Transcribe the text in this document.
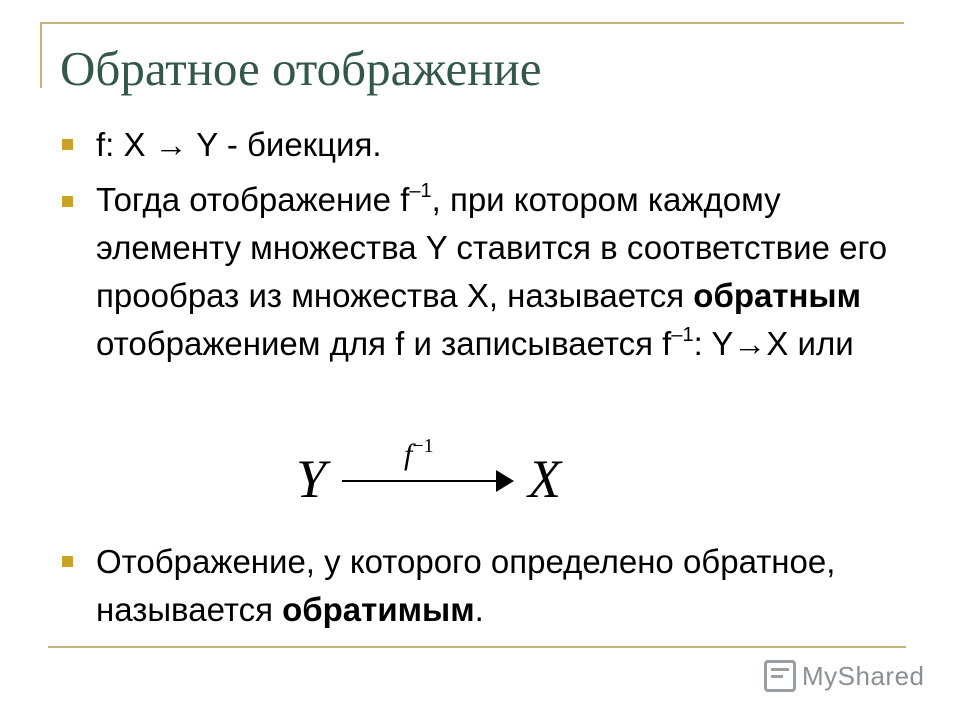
Обратное отображение

f: X → Y - биекция.

Тогда отображение $f^{-1}$, при котором каждому элементу множества Y ставится в соответствие его прообраз из множества X, называется обратным отображением для f и записывается $f^{-1}$: Y→X или

Y	$f^{-1}$
X

Отображение, у которого определено обратное, называется обратимым.

MyShared
